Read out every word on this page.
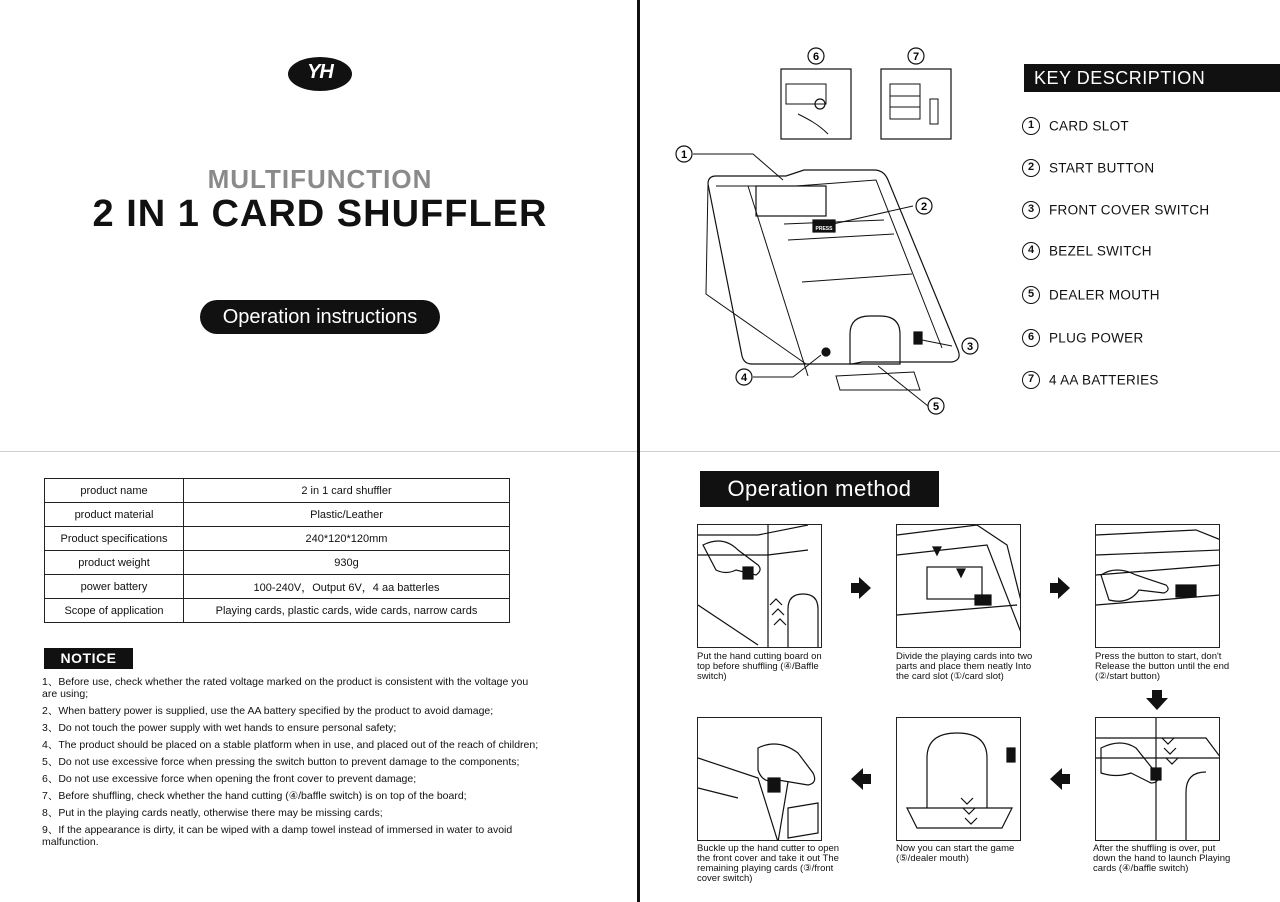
YH
MULTIFUNCTION
2 IN 1 CARD SHUFFLER
Operation instructions
product name	2 in 1 card shuffler
product material	Plastic/Leather
Product specifications	240*120*120mm
product weight	930g
power battery	100-240V，Output 6V，4 aa batterles
Scope of application	Playing cards, plastic cards, wide cards, narrow cards
NOTICE
1、Before use, check whether the rated voltage marked on the product is consistent with the voltage you are using;
2、When battery power is supplied, use the AA battery specified by the product to avoid damage;
3、Do not touch the power supply with wet hands to ensure personal safety;
4、The product should be placed on a stable platform when in use, and placed out of the reach of children;
5、Do not use excessive force when pressing the switch button to prevent damage to the components;
6、Do not use excessive force when opening the front cover to prevent damage;
7、Before shuffling, check whether the hand cutting (④/baffle switch) is on top of the board;
8、Put in the playing cards neatly, otherwise there may be missing cards;
9、If the appearance is dirty, it can be wiped with a damp towel instead of immersed in water to avoid malfunction.
6	7
1
2
3
4
5
PRESS
KEY DESCRIPTION
1 CARD SLOT
2 START BUTTON
3 FRONT COVER SWITCH
4 BEZEL SWITCH
5 DEALER MOUTH
6 PLUG POWER
7 4 AA BATTERIES
Operation method
Put the hand cutting board on top before shuffling (④/Baffle switch)
Divide the playing cards into two parts and place them neatly Into the card slot (①/card slot)
Press the button to start, don't Release the button until the end (②/start button)
After the shuffling is over, put down the hand to launch Playing cards (④/baffle switch)
Now you can start the game (⑤/dealer mouth)
Buckle up the hand cutter to open the front cover and take it out The remaining playing cards (③/front cover switch)
